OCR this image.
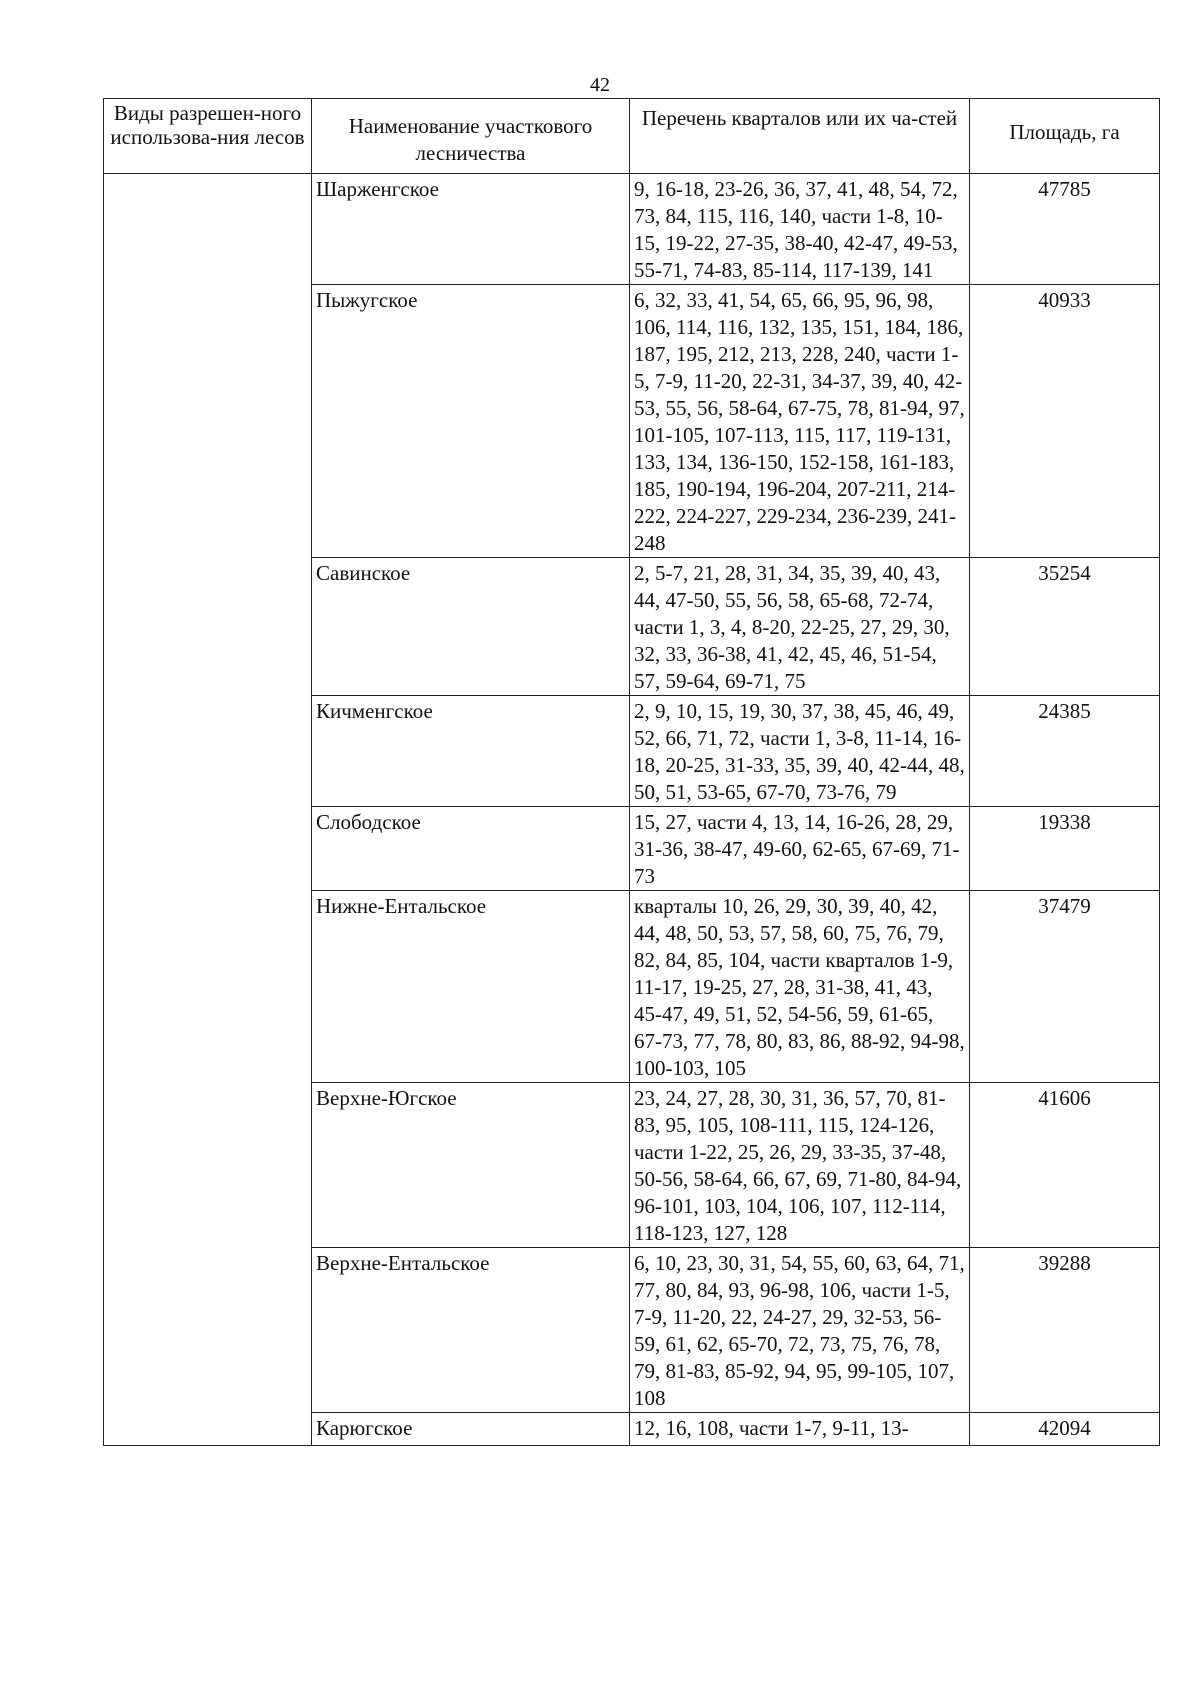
42
Виды разрешен-ного использова-ния лесов	Наименование участкового лесничества	Перечень кварталов или их ча-стей	Площадь, га
	Шарженгское	9, 16-18, 23-26, 36, 37, 41, 48, 54, 72, 73, 84, 115, 116, 140, части 1-8, 10-15, 19-22, 27-35, 38-40, 42-47, 49-53, 55-71, 74-83, 85-114, 117-139, 141	47785
	Пыжугское	6, 32, 33, 41, 54, 65, 66, 95, 96, 98, 106, 114, 116, 132, 135, 151, 184, 186, 187, 195, 212, 213, 228, 240, части 1-5, 7-9, 11-20, 22-31, 34-37, 39, 40, 42-53, 55, 56, 58-64, 67-75, 78, 81-94, 97, 101-105, 107-113, 115, 117, 119-131, 133, 134, 136-150, 152-158, 161-183, 185, 190-194, 196-204, 207-211, 214-222, 224-227, 229-234, 236-239, 241-248	40933
	Савинское	2, 5-7, 21, 28, 31, 34, 35, 39, 40, 43, 44, 47-50, 55, 56, 58, 65-68, 72-74, части 1, 3, 4, 8-20, 22-25, 27, 29, 30, 32, 33, 36-38, 41, 42, 45, 46, 51-54, 57, 59-64, 69-71, 75	35254
	Кичменгское	2, 9, 10, 15, 19, 30, 37, 38, 45, 46, 49, 52, 66, 71, 72, части 1, 3-8, 11-14, 16-18, 20-25, 31-33, 35, 39, 40, 42-44, 48, 50, 51, 53-65, 67-70, 73-76, 79	24385
	Слободское	15, 27, части 4, 13, 14, 16-26, 28, 29, 31-36, 38-47, 49-60, 62-65, 67-69, 71-73	19338
	Нижне-Ентальское	кварталы 10, 26, 29, 30, 39, 40, 42, 44, 48, 50, 53, 57, 58, 60, 75, 76, 79, 82, 84, 85, 104, части кварталов 1-9, 11-17, 19-25, 27, 28, 31-38, 41, 43, 45-47, 49, 51, 52, 54-56, 59, 61-65, 67-73, 77, 78, 80, 83, 86, 88-92, 94-98, 100-103, 105	37479
	Верхне-Югское	23, 24, 27, 28, 30, 31, 36, 57, 70, 81-83, 95, 105, 108-111, 115, 124-126, части 1-22, 25, 26, 29, 33-35, 37-48, 50-56, 58-64, 66, 67, 69, 71-80, 84-94, 96-101, 103, 104, 106, 107, 112-114, 118-123, 127, 128	41606
	Верхне-Ентальское	6, 10, 23, 30, 31, 54, 55, 60, 63, 64, 71, 77, 80, 84, 93, 96-98, 106, части 1-5, 7-9, 11-20, 22, 24-27, 29, 32-53, 56-59, 61, 62, 65-70, 72, 73, 75, 76, 78, 79, 81-83, 85-92, 94, 95, 99-105, 107, 108	39288
	Карюгское	12, 16, 108, части 1-7, 9-11, 13-	42094
